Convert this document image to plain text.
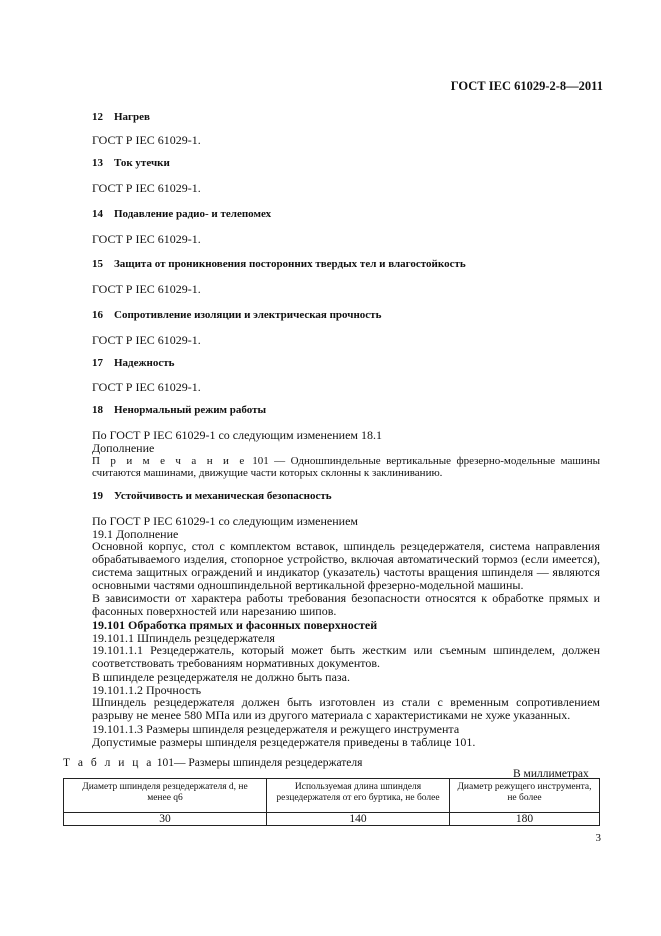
ГОСТ IEC 61029-2-8—2011
12 Нагрев
ГОСТ Р IEC 61029-1.
13 Ток утечки
ГОСТ Р IEC 61029-1.
14 Подавление радио- и телепомех
ГОСТ Р IEC 61029-1.
15 Защита от проникновения посторонних твердых тел и влагостойкость
ГОСТ Р IEC 61029-1.
16 Сопротивление изоляции и электрическая прочность
ГОСТ Р IEC 61029-1.
17 Надежность
ГОСТ Р IEC 61029-1.
18 Ненормальный режим работы
По ГОСТ Р IEC 61029-1 со следующим изменением 18.1
Дополнение
П р и м е ч а н и е 101 — Одношпиндельные вертикальные фрезерно-модельные машины считаются машинами, движущие части которых склонны к заклиниванию.
19 Устойчивость и механическая безопасность
По ГОСТ Р IEC 61029-1 со следующим изменением
19.1 Дополнение
Основной корпус, стол с комплектом вставок, шпиндель резцедержателя, система направления обрабатываемого изделия, стопорное устройство, включая автоматический тормоз (если имеется), система защитных ограждений и индикатор (указатель) частоты вращения шпинделя — являются основными частями одношпиндельной вертикальной фрезерно-модельной машины.
В зависимости от характера работы требования безопасности относятся к обработке прямых и фасонных поверхностей или нарезанию шипов.
19.101 Обработка прямых и фасонных поверхностей
19.101.1 Шпиндель резцедержателя
19.101.1.1 Резцедержатель, который может быть жестким или съемным шпинделем, должен соответствовать требованиям нормативных документов.
В шпинделе резцедержателя не должно быть паза.
19.101.1.2 Прочность
Шпиндель резцедержателя должен быть изготовлен из стали с временным сопротивлением разрыву не менее 580 МПа или из другого материала с характеристиками не хуже указанных.
19.101.1.3 Размеры шпинделя резцедержателя и режущего инструмента
Допустимые размеры шпинделя резцедержателя приведены в таблице 101.
Т а б л и ц а 101— Размеры шпинделя резцедержателя
В миллиметрах
Диаметр шпинделя резцедержателя d, не менее q6	Используемая длина шпинделя резцедержателя от его буртика, не более	Диаметр режущего инструмента, не более
30	140	180
3
